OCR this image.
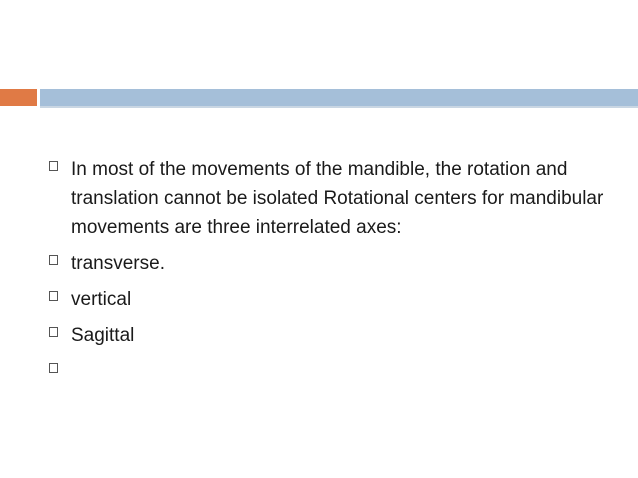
In most of the movements of the mandible, the rotation and translation cannot be isolated Rotational centers for mandibular movements are three interrelated axes:
transverse.
vertical
Sagittal
